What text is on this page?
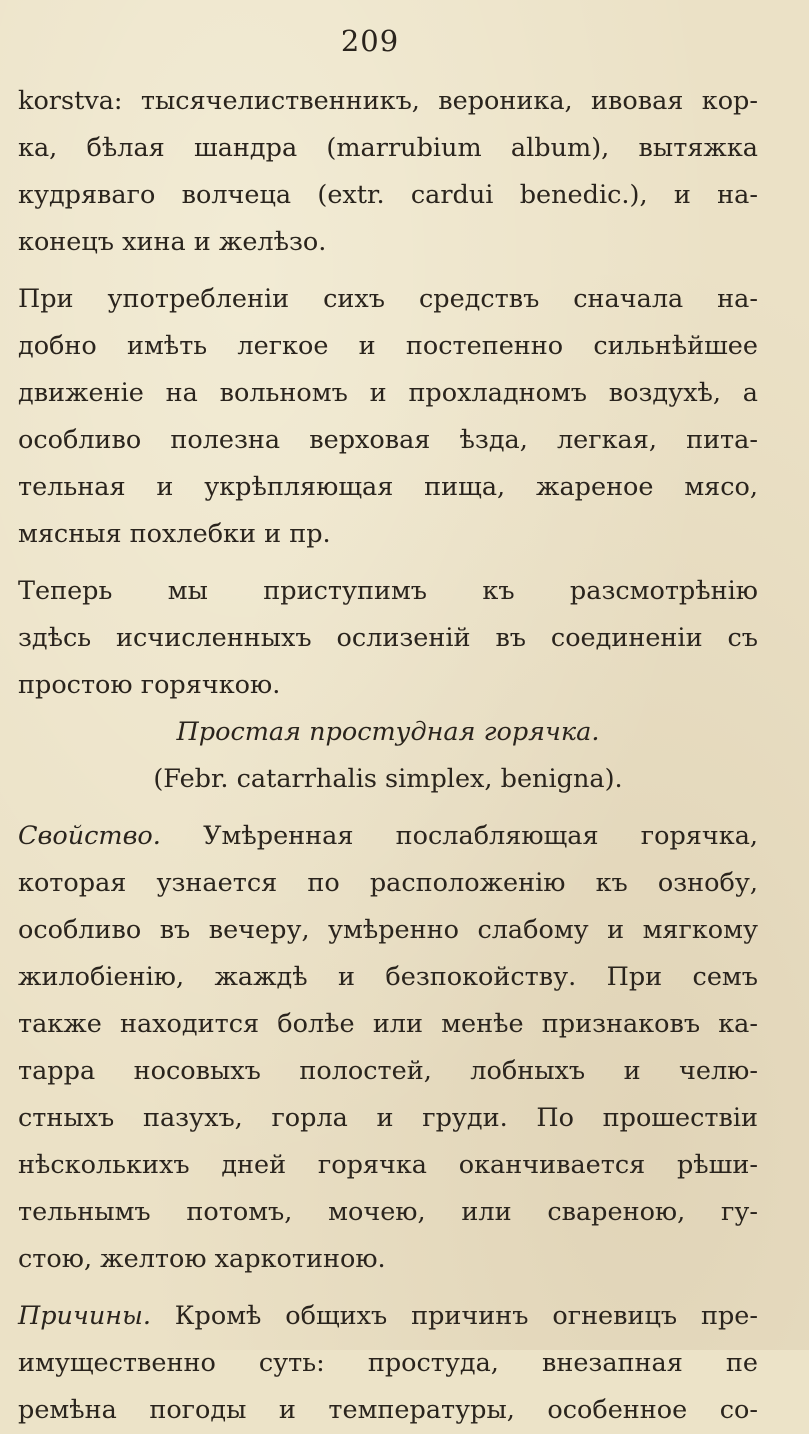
209
korstva: тысячелиственникъ, вероника, ивовая кор-
ка, бѣлая шандра (marrubium album), вытяжка
кудряваго волчеца (extr. cardui benedic.), и на-
конецъ хина и желѣзо.
При употребленіи сихъ средствъ сначала на-
добно имѣть легкое и постепенно сильнѣйшее
движеніе на вольномъ и прохладномъ воздухѣ, а
особливо полезна верховая ѣзда, легкая, пита-
тельная и укрѣпляющая пища, жареное мясо,
мясныя похлебки и пр.
Теперь мы приступимъ къ разсмотрѣнію
здѣсь исчисленныхъ ослизеній въ соединеніи съ
простою горячкою.
Простая простудная горячка.
(Febr. catarrhalis simplex, benigna).
Свойство. Умѣренная послабляющая горячка,
которая узнается по расположенію къ ознобу,
особливо въ вечеру, умѣренно слабому и мягкому
жилобіенію, жаждѣ и безпокойству. При семъ
также находится болѣе или менѣе признаковъ ка-
тарра носовыхъ полостей, лобныхъ и челю-
стныхъ пазухъ, горла и груди. По прошествіи
нѣсколькихъ дней горячка оканчивается рѣши-
тельнымъ потомъ, мочею, или свареною, гу-
стою, желтою харкотиною.
Причины. Кромѣ общихъ причинъ огневицъ пре-
имущественно суть: простуда, внезапная пе
ремѣна погоды и температуры, особенное со-
